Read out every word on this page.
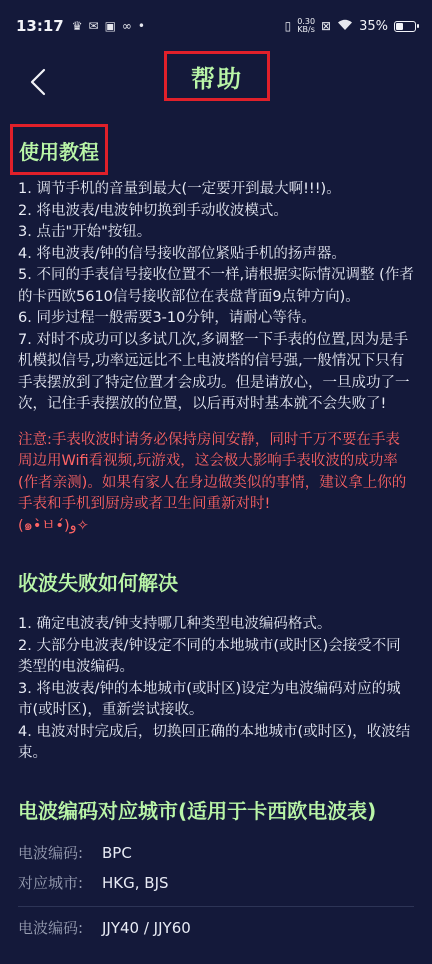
13:17 ♛ ✉ ▣ ∞ •	▯ 0.30
KB/s ⊠ 35%
帮助
使用教程

1. 调节手机的音量到最大(一定要开到最大啊!!!)。

2. 将电波表/电波钟切换到手动收波模式。

3. 点击"开始"按钮。

4. 将电波表/钟的信号接收部位紧贴手机的扬声器。

5. 不同的手表信号接收位置不一样,请根据实际情况调整 (作者的卡西欧5610信号接收部位在表盘背面9点钟方向)。

6. 同步过程一般需要3-10分钟，请耐心等待。

7. 对时不成功可以多试几次,多调整一下手表的位置,因为是手机模拟信号,功率远远比不上电波塔的信号强,一般情况下只有手表摆放到了特定位置才会成功。但是请放心，一旦成功了一次，记住手表摆放的位置，以后再对时基本就不会失败了!

注意:手表收波时请务必保持房间安静，同时千万不要在手表周边用Wifi看视频,玩游戏，这会极大影响手表收波的成功率(作者亲测)。如果有家人在身边做类似的事情，建议拿上你的手表和手机到厨房或者卫生间重新对时!
(๑•̀ㅂ•́)و✧
收波失败如何解决

1. 确定电波表/钟支持哪几种类型电波编码格式。

2. 大部分电波表/钟设定不同的本地城市(或时区)会接受不同类型的电波编码。

3. 将电波表/钟的本地城市(或时区)设定为电波编码对应的城市(或时区)，重新尝试接收。

4. 电波对时完成后，切换回正确的本地城市(或时区)，收波结束。

电波编码对应城市(适用于卡西欧电波表)
电波编码:	BPC
对应城市:	HKG, BJS
电波编码:	JJY40 / JJY60
